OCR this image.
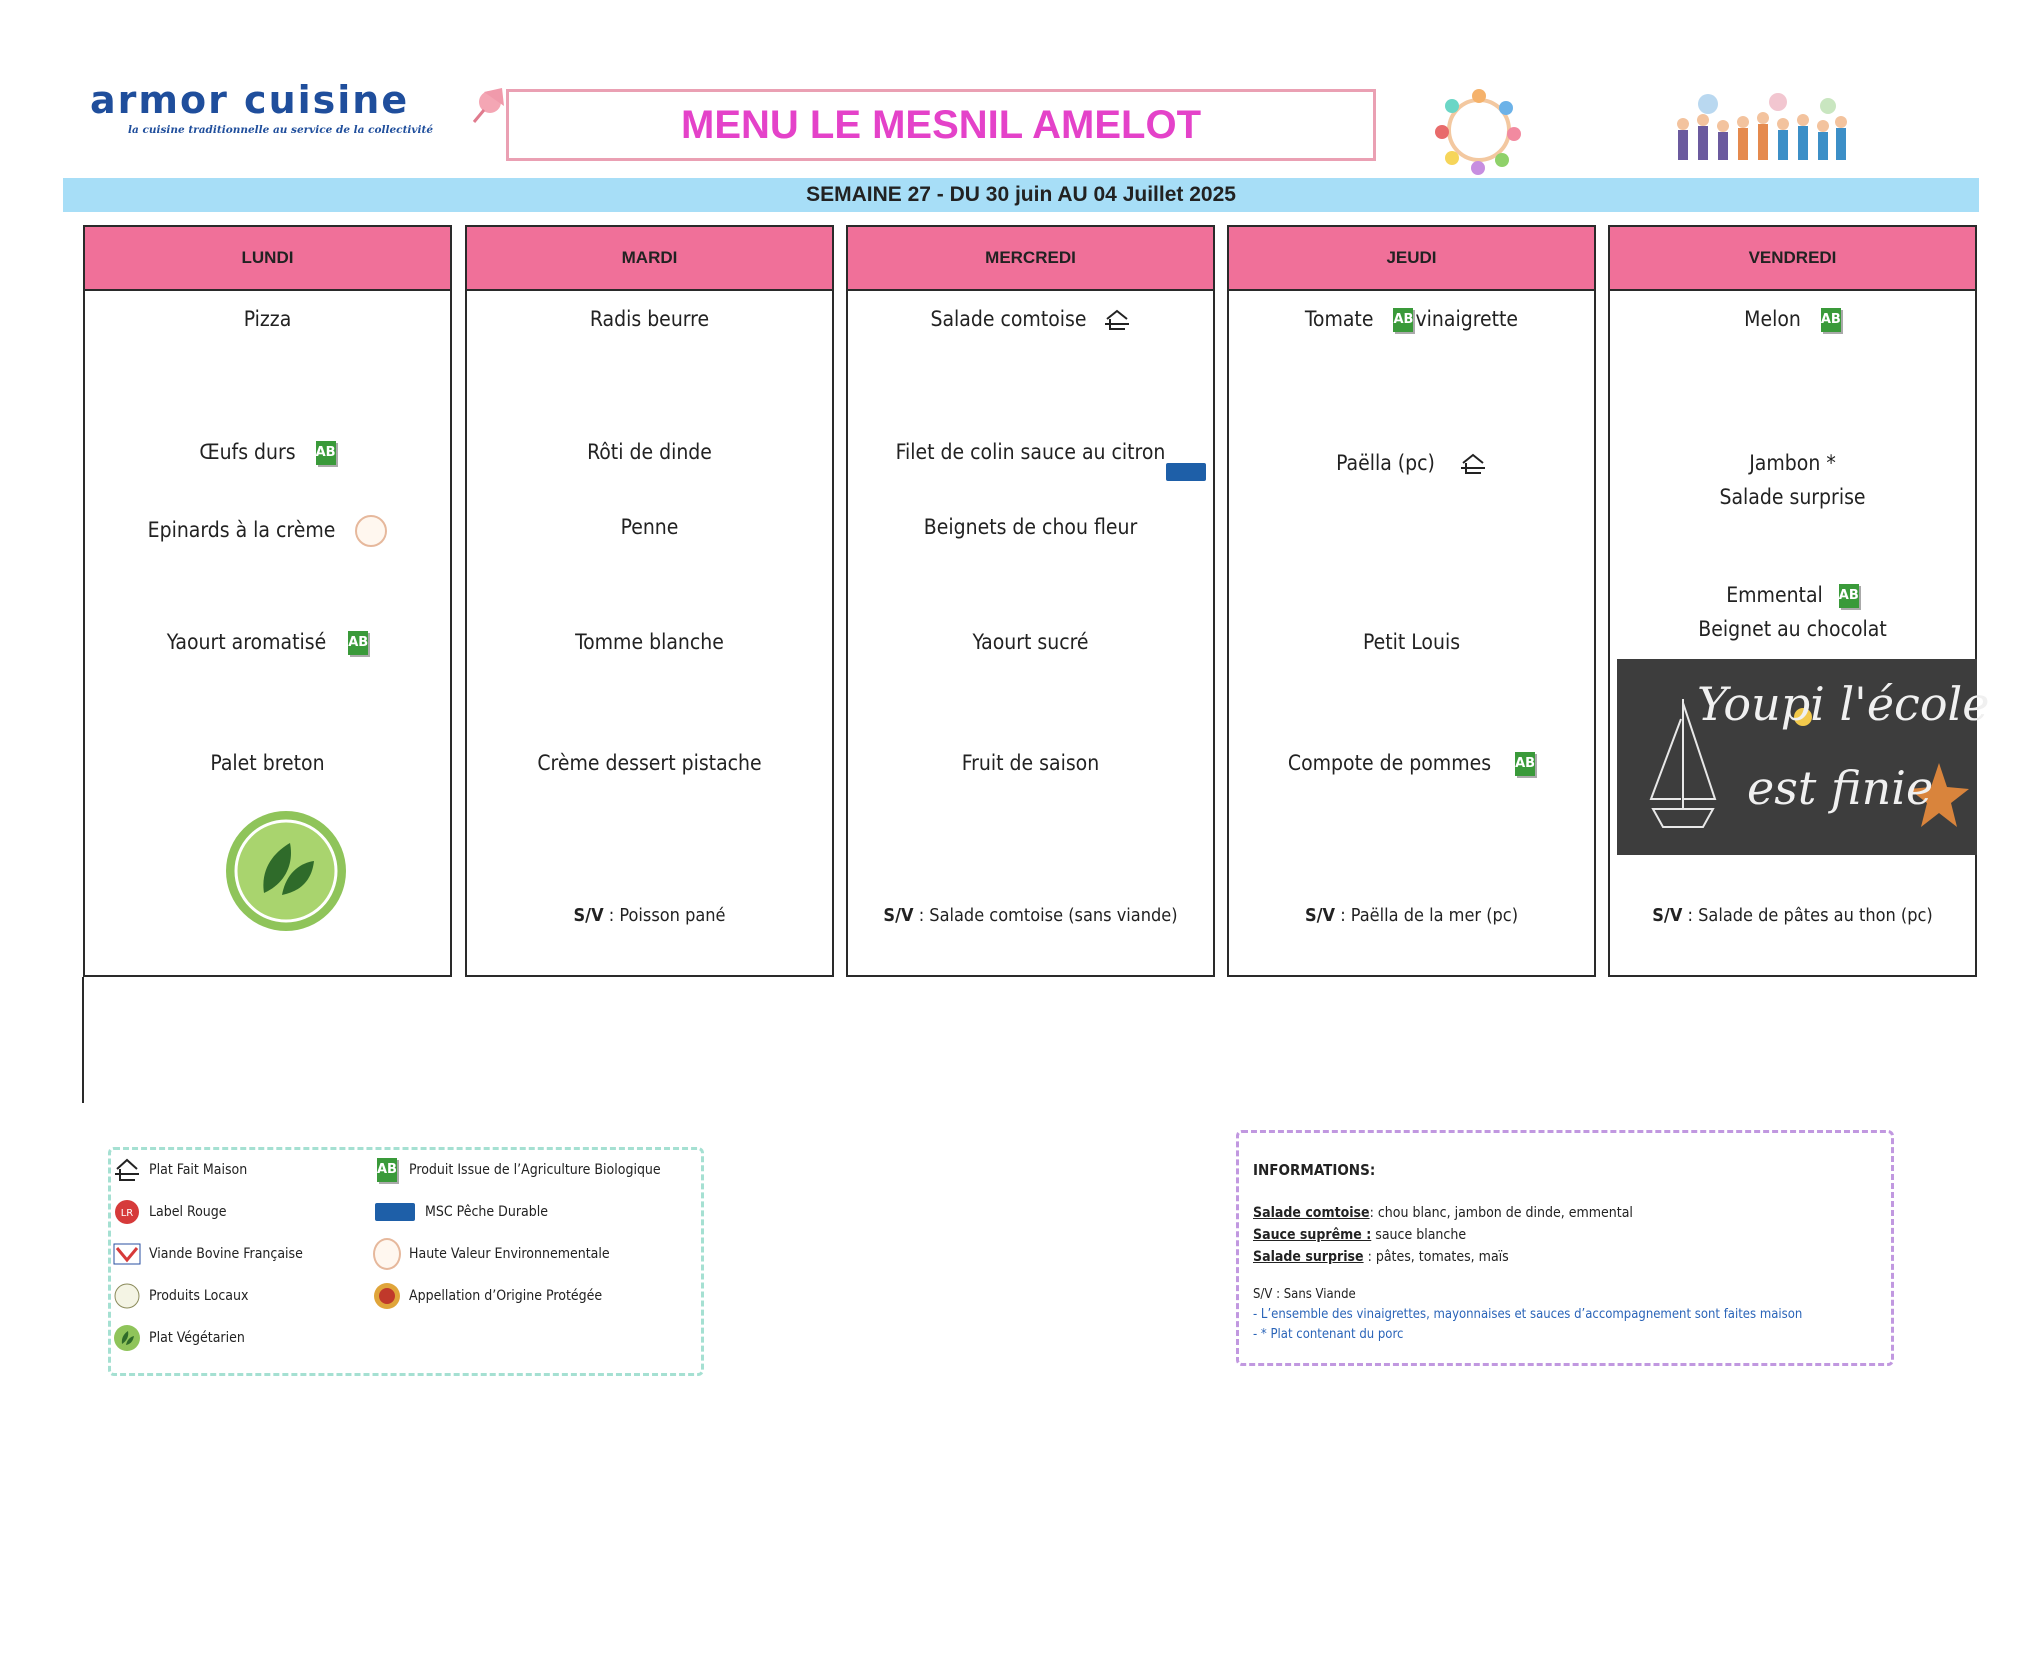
armor cuisine
la cuisine traditionnelle au service de la collectivité	MENU LE MESNIL AMELOT
SEMAINE 27 - DU 30 juin AU 04 Juillet 2025
LUNDI
Pizza
Œufs durs AB
Epinards à la crème
Yaourt aromatisé AB
Palet breton
MARDI
Radis beurre
Rôti de dinde
Penne
Tomme blanche
Crème dessert pistache
S/V : Poisson pané
MERCREDI
Salade comtoise
Filet de colin sauce au citron
Beignets de chou fleur
Yaourt sucré
Fruit de saison
S/V : Salade comtoise (sans viande)
JEUDI
Tomate ABvinaigrette
Paëlla (pc)
Petit Louis
Compote de pommes AB
S/V : Paëlla de la mer (pc)
VENDREDI
Melon AB
Jambon *
Salade surprise
Emmental AB
Beignet au chocolat
S/V : Salade de pâtes au thon (pc)
Youpi l'école
est finie
Plat Fait Maison
LR Label Rouge
Viande Bovine Française
Produits Locaux
Plat Végétarien
AB Produit Issue de l’Agriculture Biologique
MSC Pêche Durable
Haute Valeur Environnementale
Appellation d’Origine Protégée
INFORMATIONS:
Salade comtoise: chou blanc, jambon de dinde, emmental
Sauce suprême : sauce blanche
Salade surprise : pâtes, tomates, maïs
S/V : Sans Viande
- L’ensemble des vinaigrettes, mayonnaises et sauces d’accompagnement sont faites maison
- * Plat contenant du porc
